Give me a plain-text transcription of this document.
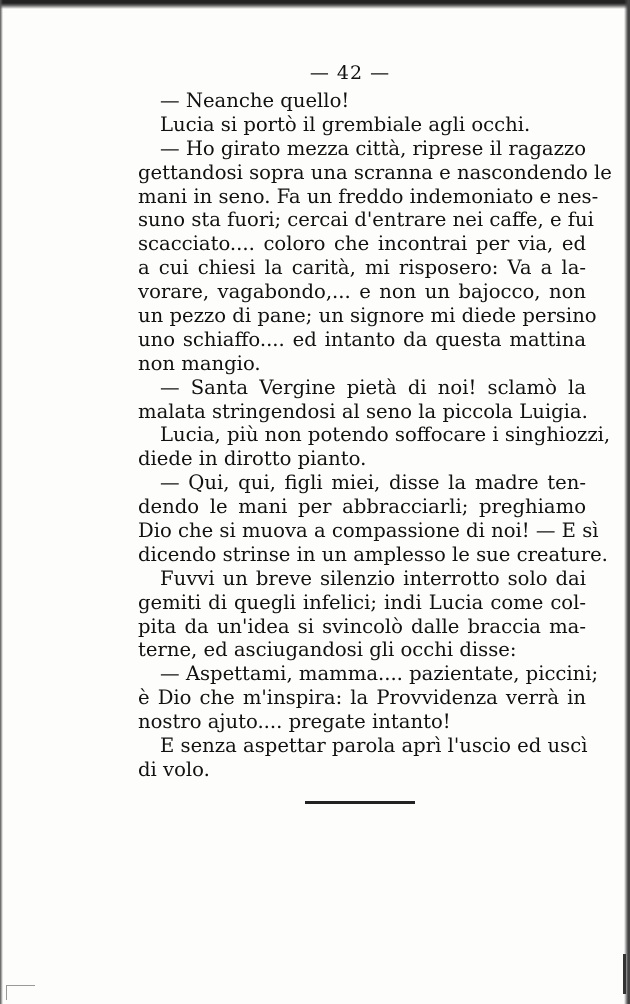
— 42 —
— Neanche quello!
Lucia si portò il grembiale agli occhi.
— Ho girato mezza città, riprese il ragazzo
gettandosi sopra una scranna e nascondendo le
mani in seno. Fa un freddo indemoniato e nes-
suno sta fuori; cercai d'entrare nei caffe, e fui
scacciato.... coloro che incontrai per via, ed
a cui chiesi la carità, mi risposero: Va a la-
vorare, vagabondo,... e non un bajocco, non
un pezzo di pane; un signore mi diede persino
uno schiaffo.... ed intanto da questa mattina
non mangio.
— Santa Vergine pietà di noi! sclamò la
malata stringendosi al seno la piccola Luigia.
Lucia, più non potendo soffocare i singhiozzi,
diede in dirotto pianto.
— Qui, qui, figli miei, disse la madre ten-
dendo le mani per abbracciarli; preghiamo
Dio che si muova a compassione di noi! — E sì
dicendo strinse in un amplesso le sue creature.
Fuvvi un breve silenzio interrotto solo dai
gemiti di quegli infelici; indi Lucia come col-
pita da un'idea si svincolò dalle braccia ma-
terne, ed asciugandosi gli occhi disse:
— Aspettami, mamma.... pazientate, piccini;
è Dio che m'inspira: la Provvidenza verrà in
nostro ajuto.... pregate intanto!
E senza aspettar parola aprì l'uscio ed uscì
di volo.
